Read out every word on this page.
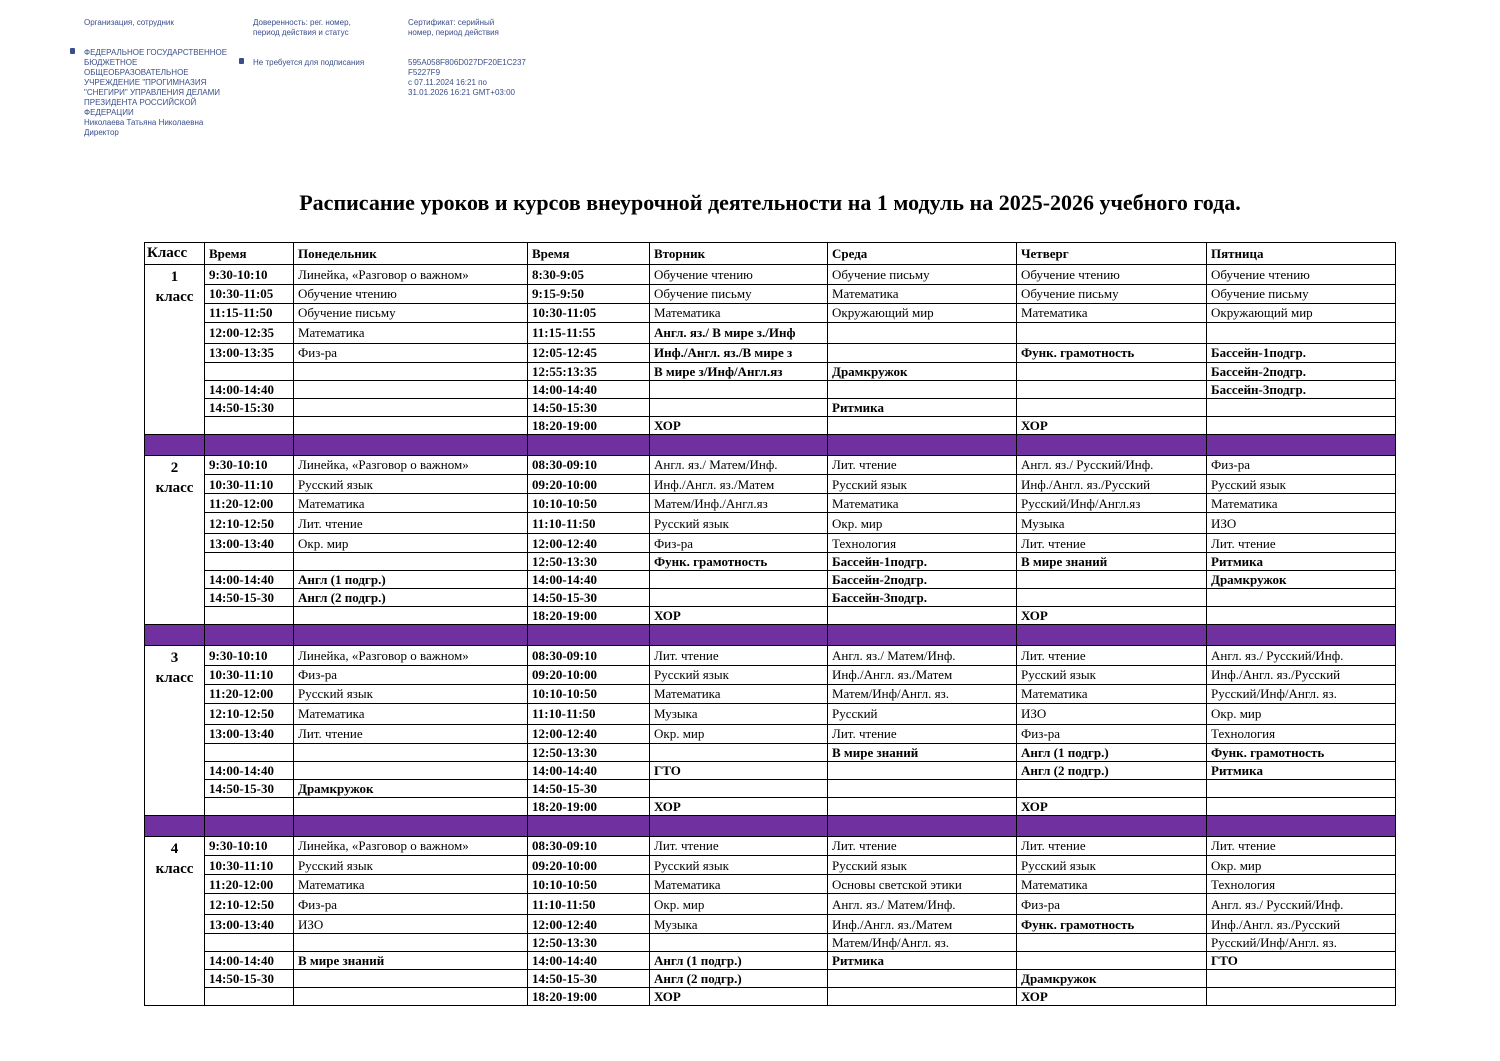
Организация, сотрудник
ФЕДЕРАЛЬНОЕ ГОСУДАРСТВЕННОЕ
БЮДЖЕТНОЕ
ОБЩЕОБРАЗОВАТЕЛЬНОЕ
УЧРЕЖДЕНИЕ "ПРОГИМНАЗИЯ
"СНЕГИРИ" УПРАВЛЕНИЯ ДЕЛАМИ
ПРЕЗИДЕНТА РОССИЙСКОЙ
ФЕДЕРАЦИИ
Николаева Татьяна Николаевна
Директор
Доверенность: рег. номер,
период действия и статус
Не требуется для подписания
Сертификат: серийный
номер, период действия
595A058F806D027DF20E1C237
F5227F9
с 07.11.2024 16:21 по
31.01.2026 16:21 GMT+03:00
Расписание уроков и курсов внеурочной деятельности на 1 модуль на 2025-2026 учебного года.
Класс	Время	Понедельник	Время	Вторник	Среда	Четверг	Пятница

1
класс	9:30-10:10	Линейка, «Разговор о важном»	8:30-9:05	Обучение чтению	Обучение письму	Обучение чтению	Обучение чтению
	10:30-11:05	Обучение чтению	9:15-9:50	Обучение письму	Математика	Обучение письму	Обучение письму
	11:15-11:50	Обучение письму	10:30-11:05	Математика	Окружающий мир	Математика	Окружающий мир
	12:00-12:35	Математика	11:15-11:55	Англ. яз./ В мире з./Инф			
	13:00-13:35	Физ-ра	12:05-12:45	Инф./Англ. яз./В мире з		Функ. грамотность	Бассейн-1подгр.
			12:55:13:35	В мире з/Инф/Англ.яз	Драмкружок		Бассейн-2подгр.
	14:00-14:40		14:00-14:40				Бассейн-3подгр.
	14:50-15:30		14:50-15:30		Ритмика		
			18:20-19:00	ХОР		ХОР	

2
класс	9:30-10:10	Линейка, «Разговор о важном»	08:30-09:10	Англ. яз./ Матем/Инф.	Лит. чтение	Англ. яз./ Русский/Инф.	Физ-ра
	10:30-11:10	Русский язык	09:20-10:00	Инф./Англ. яз./Матем	Русский язык	Инф./Англ. яз./Русский	Русский язык
	11:20-12:00	Математика	10:10-10:50	Матем/Инф./Англ.яз	Математика	Русский/Инф/Англ.яз	Математика
	12:10-12:50	Лит. чтение	11:10-11:50	Русский язык	Окр. мир	Музыка	ИЗО
	13:00-13:40	Окр. мир	12:00-12:40	Физ-ра	Технология	Лит. чтение	Лит. чтение
			12:50-13:30	Функ. грамотность	Бассейн-1подгр.	В мире знаний	Ритмика
	14:00-14:40	Англ (1 подгр.)	14:00-14:40		Бассейн-2подгр.		Драмкружок
	14:50-15-30	Англ (2 подгр.)	14:50-15-30		Бассейн-3подгр.		
			18:20-19:00	ХОР		ХОР	

3
класс	9:30-10:10	Линейка, «Разговор о важном»	08:30-09:10	Лит. чтение	Англ. яз./ Матем/Инф.	Лит. чтение	Англ. яз./ Русский/Инф.
	10:30-11:10	Физ-ра	09:20-10:00	Русский язык	Инф./Англ. яз./Матем	Русский язык	Инф./Англ. яз./Русский
	11:20-12:00	Русский язык	10:10-10:50	Математика	Матем/Инф/Англ. яз.	Математика	Русский/Инф/Англ. яз.
	12:10-12:50	Математика	11:10-11:50	Музыка	Русский	ИЗО	Окр. мир
	13:00-13:40	Лит. чтение	12:00-12:40	Окр. мир	Лит. чтение	Физ-ра	Технология
			12:50-13:30		В мире знаний	Англ (1 подгр.)	Функ. грамотность
	14:00-14:40		14:00-14:40	ГТО		Англ (2 подгр.)	Ритмика
	14:50-15-30	Драмкружок	14:50-15-30				
			18:20-19:00	ХОР		ХОР	

4
класс	9:30-10:10	Линейка, «Разговор о важном»	08:30-09:10	Лит. чтение	Лит. чтение	Лит. чтение	Лит. чтение
	10:30-11:10	Русский язык	09:20-10:00	Русский язык	Русский язык	Русский язык	Окр. мир
	11:20-12:00	Математика	10:10-10:50	Математика	Основы светской этики	Математика	Технология
	12:10-12:50	Физ-ра	11:10-11:50	Окр. мир	Англ. яз./ Матем/Инф.	Физ-ра	Англ. яз./ Русский/Инф.
	13:00-13:40	ИЗО	12:00-12:40	Музыка	Инф./Англ. яз./Матем	Функ. грамотность	Инф./Англ. яз./Русский
			12:50-13:30		Матем/Инф/Англ. яз.		Русский/Инф/Англ. яз.
	14:00-14:40	В мире знаний	14:00-14:40	Англ (1 подгр.)	Ритмика		ГТО
	14:50-15-30		14:50-15-30	Англ (2 подгр.)		Драмкружок	
			18:20-19:00	ХОР		ХОР	
